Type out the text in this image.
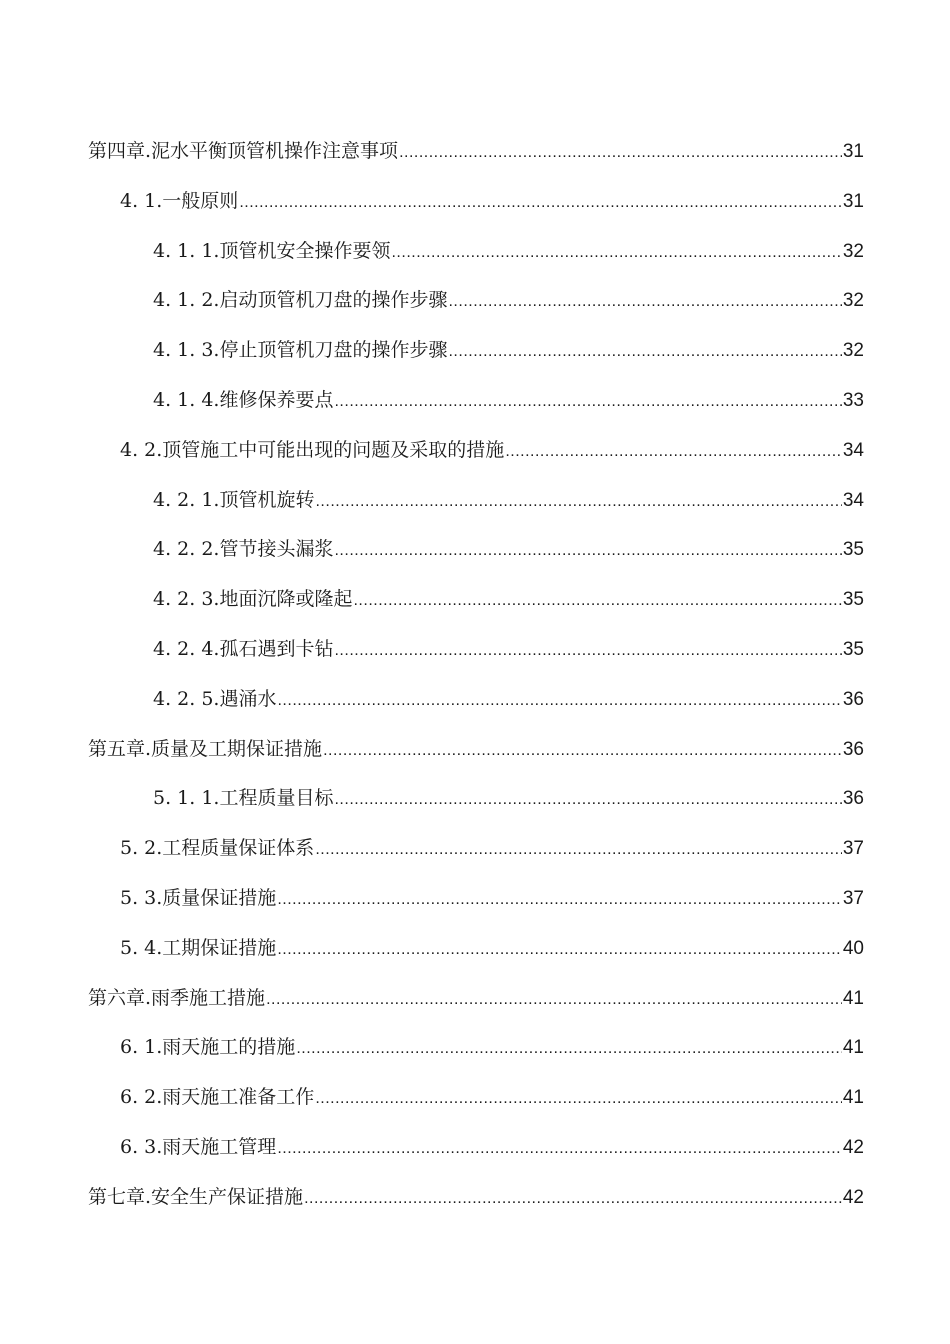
第四章. 泥水平衡顶管机操作注意事项 .....	31
4. 1. 一般原则 .....	31
4. 1. 1. 顶管机安全操作要领 .....	32
4. 1. 2. 启动顶管机刀盘的操作步骤 .....	32
4. 1. 3. 停止顶管机刀盘的操作步骤 .....	32
4. 1. 4. 维修保养要点 .....	33
4. 2. 顶管施工中可能出现的问题及采取的措施 .....	34
4. 2. 1. 顶管机旋转 .....	34
4. 2. 2. 管节接头漏浆 .....	35
4. 2. 3. 地面沉降或隆起 .....	35
4. 2. 4. 孤石遇到卡钻 .....	35
4. 2. 5. 遇涌水 .....	36
第五章. 质量及工期保证措施 .....	36
5. 1. 1. 工程质量目标 .....	36
5. 2. 工程质量保证体系 .....	37
5. 3. 质量保证措施 .....	37
5. 4. 工期保证措施 .....	40
第六章. 雨季施工措施 .....	41
6. 1. 雨天施工的措施 .....	41
6. 2. 雨天施工准备工作 .....	41
6. 3. 雨天施工管理 .....	42
第七章. 安全生产保证措施 .....	42
